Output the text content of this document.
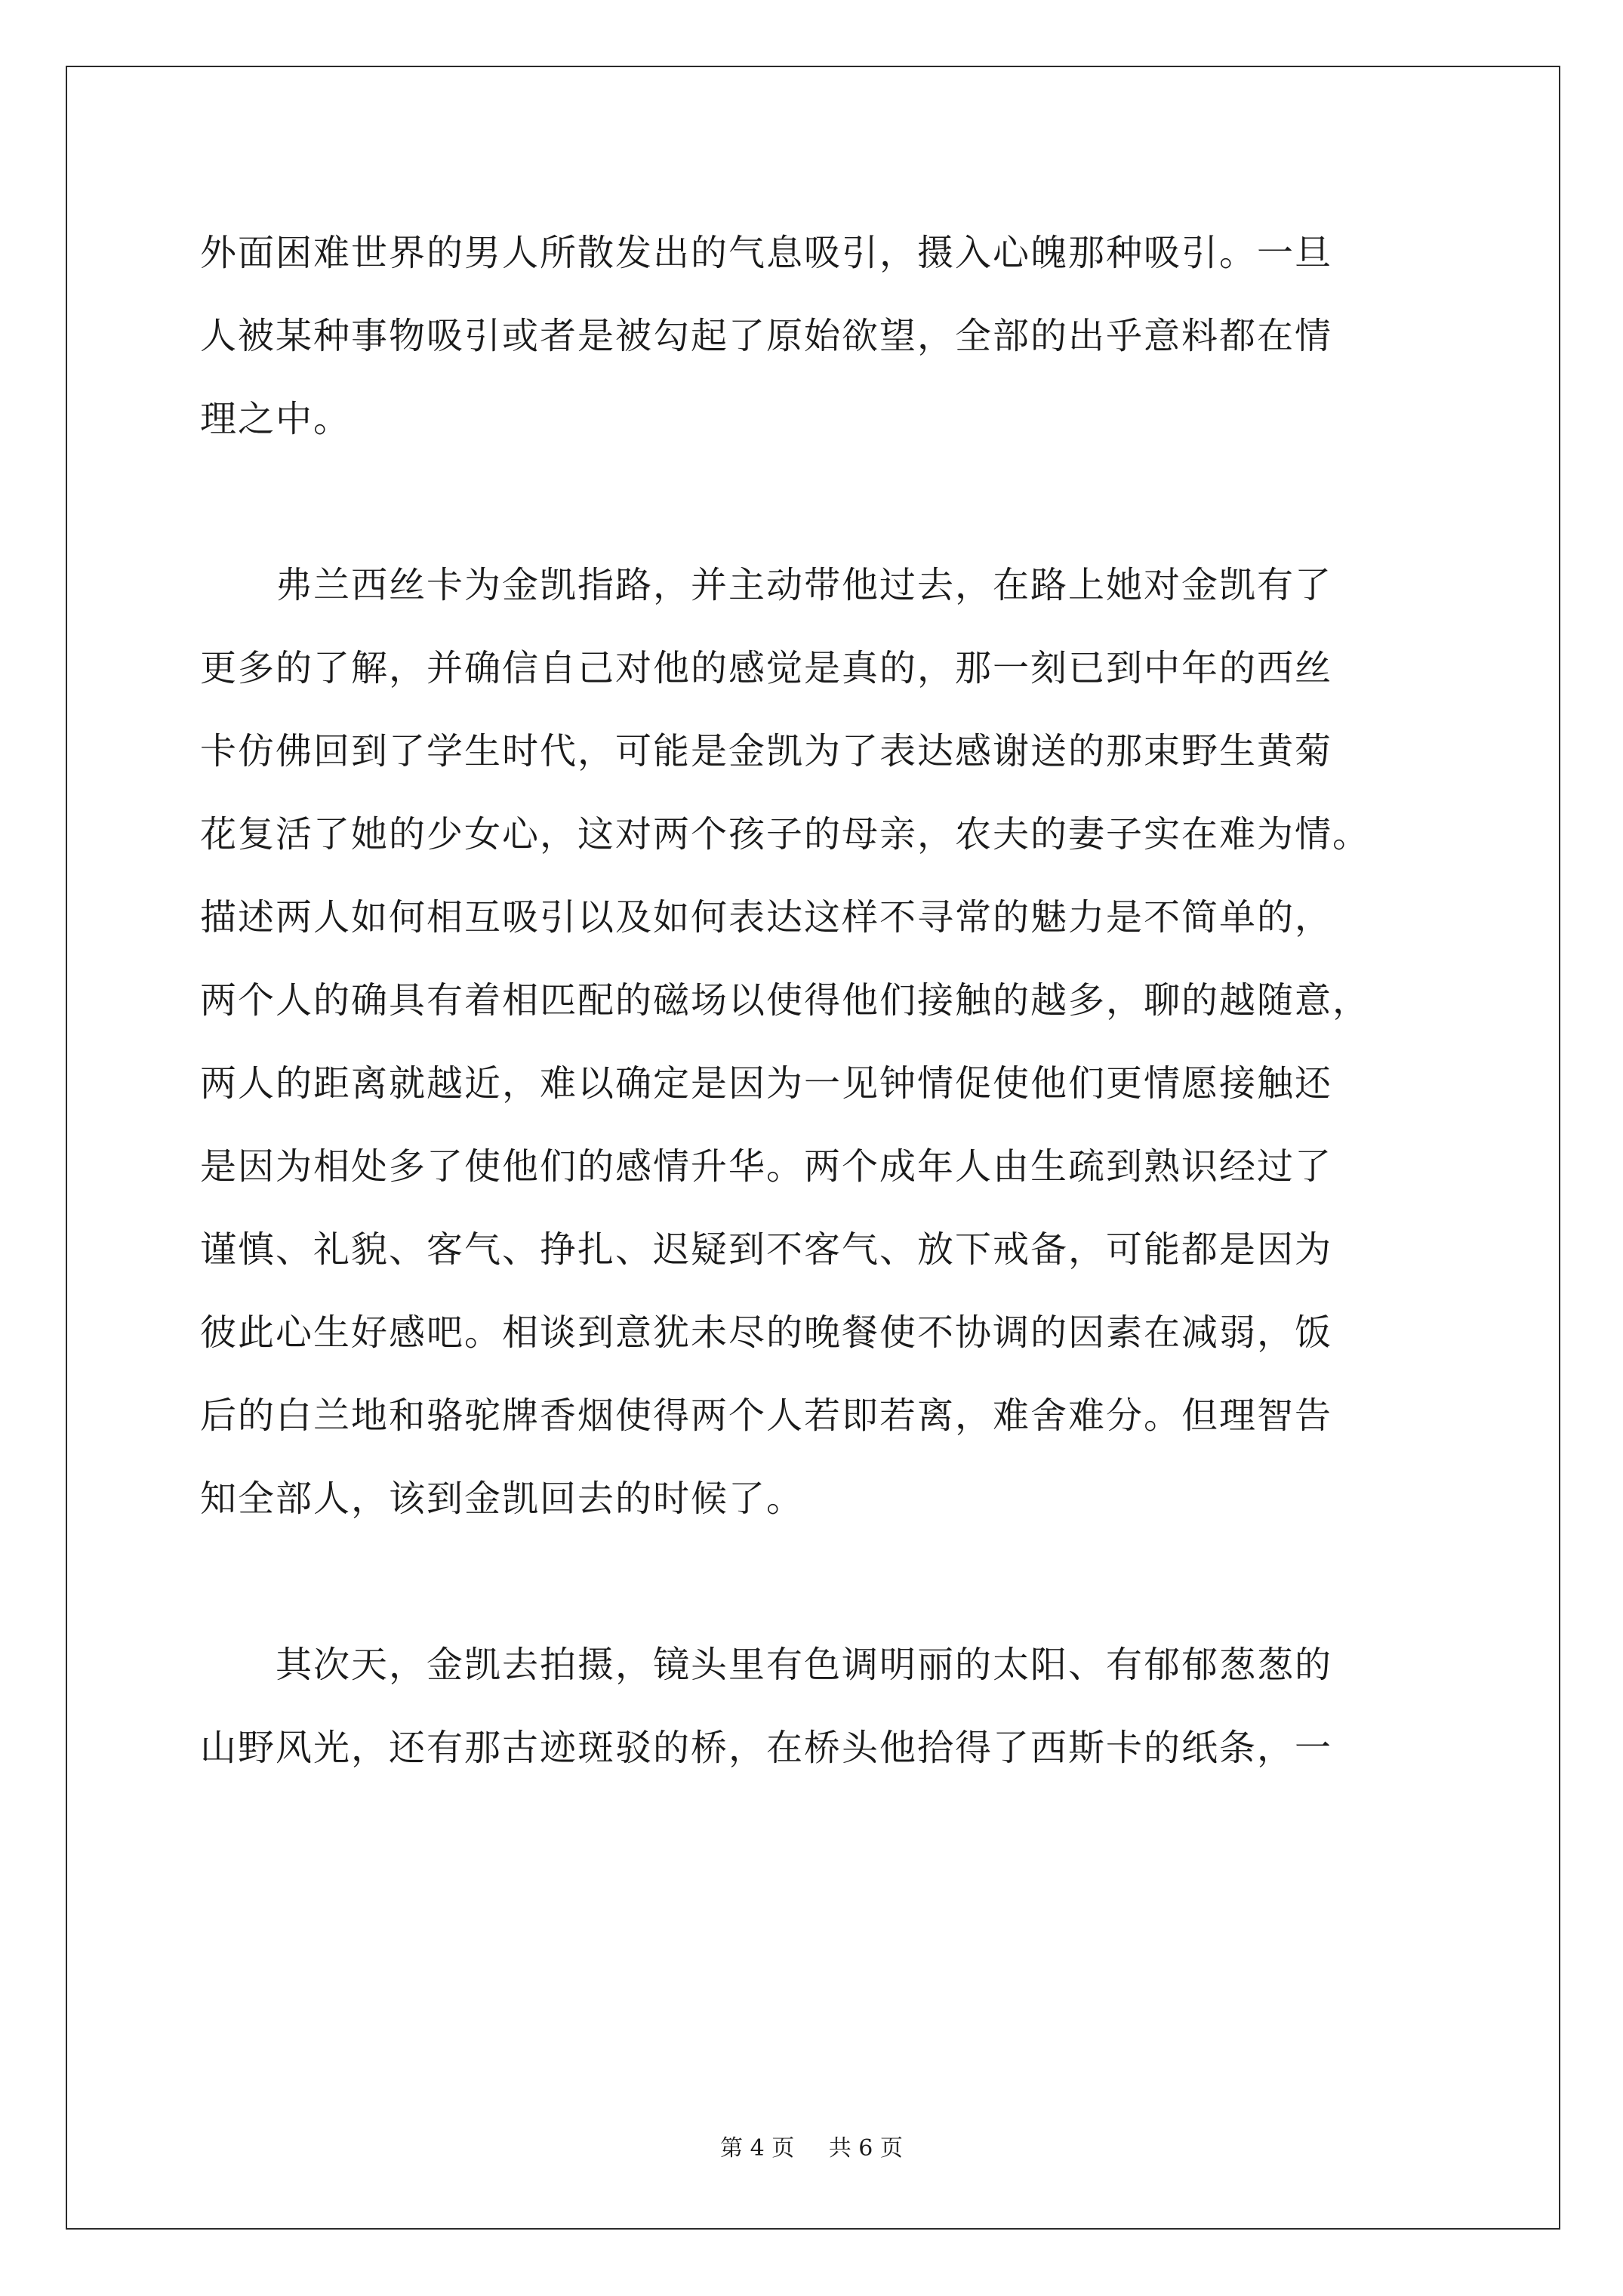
外面困难世界的男人所散发出的气息吸引，摄入心魄那种吸引。一旦
人被某种事物吸引或者是被勾起了原始欲望，全部的出乎意料都在情
理之中。
弗兰西丝卡为金凯指路，并主动带他过去，在路上她对金凯有了
更多的了解，并确信自己对他的感觉是真的，那一刻已到中年的西丝
卡仿佛回到了学生时代，可能是金凯为了表达感谢送的那束野生黄菊
花复活了她的少女心，这对两个孩子的母亲，农夫的妻子实在难为情。
描述两人如何相互吸引以及如何表达这样不寻常的魅力是不简单的，
两个人的确具有着相匹配的磁场以使得他们接触的越多，聊的越随意，
两人的距离就越近，难以确定是因为一见钟情促使他们更情愿接触还
是因为相处多了使他们的感情升华。两个成年人由生疏到熟识经过了
谨慎、礼貌、客气、挣扎、迟疑到不客气、放下戒备，可能都是因为
彼此心生好感吧。相谈到意犹未尽的晚餐使不协调的因素在减弱，饭
后的白兰地和骆驼牌香烟使得两个人若即若离，难舍难分。但理智告
知全部人，该到金凯回去的时候了。
其次天，金凯去拍摄，镜头里有色调明丽的太阳、有郁郁葱葱的
山野风光，还有那古迹斑驳的桥，在桥头他拾得了西斯卡的纸条，一
第 4 页 共 6 页
